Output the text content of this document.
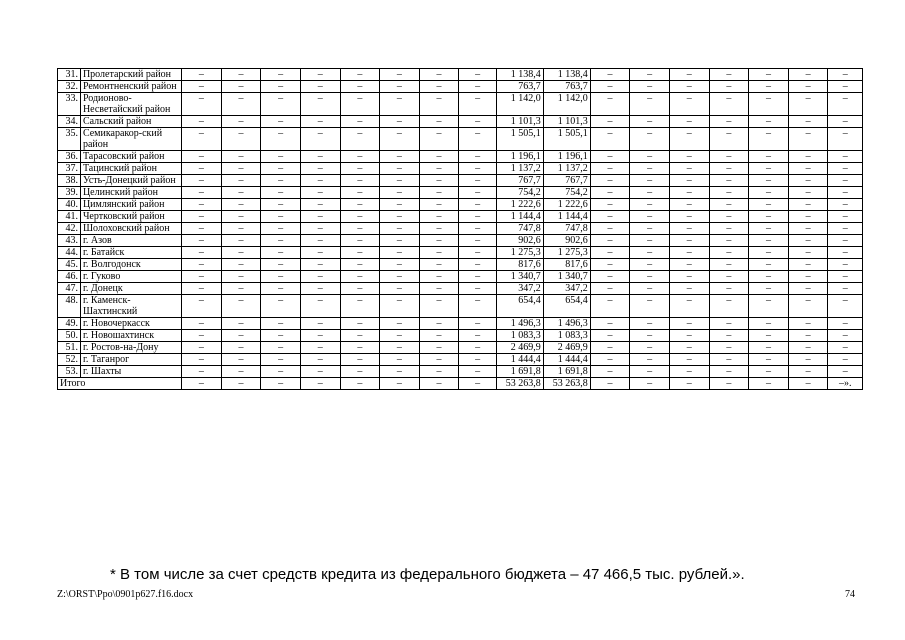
31.	Пролетарский район	–	–	–	–	–	–	–	–	1 138,4	1 138,4	–	–	–	–	–	–	–
32.	Ремонтненский район	–	–	–	–	–	–	–	–	763,7	763,7	–	–	–	–	–	–	–
33.	Родионово-Несветайский район	–	–	–	–	–	–	–	–	1 142,0	1 142,0	–	–	–	–	–	–	–
34.	Сальский район	–	–	–	–	–	–	–	–	1 101,3	1 101,3	–	–	–	–	–	–	–
35.	Семикаракор-ский район	–	–	–	–	–	–	–	–	1 505,1	1 505,1	–	–	–	–	–	–	–
36.	Тарасовский район	–	–	–	–	–	–	–	–	1 196,1	1 196,1	–	–	–	–	–	–	–
37.	Тацинский район	–	–	–	–	–	–	–	–	1 137,2	1 137,2	–	–	–	–	–	–	–
38.	Усть-Донецкий район	–	–	–	–	–	–	–	–	767,7	767,7	–	–	–	–	–	–	–
39.	Целинский район	–	–	–	–	–	–	–	–	754,2	754,2	–	–	–	–	–	–	–
40.	Цимлянский район	–	–	–	–	–	–	–	–	1 222,6	1 222,6	–	–	–	–	–	–	–
41.	Чертковский район	–	–	–	–	–	–	–	–	1 144,4	1 144,4	–	–	–	–	–	–	–
42.	Шолоховский район	–	–	–	–	–	–	–	–	747,8	747,8	–	–	–	–	–	–	–
43.	г. Азов	–	–	–	–	–	–	–	–	902,6	902,6	–	–	–	–	–	–	–
44.	г. Батайск	–	–	–	–	–	–	–	–	1 275,3	1 275,3	–	–	–	–	–	–	–
45.	г. Волгодонск	–	–	–	–	–	–	–	–	817,6	817,6	–	–	–	–	–	–	–
46.	г. Гуково	–	–	–	–	–	–	–	–	1 340,7	1 340,7	–	–	–	–	–	–	–
47.	г. Донецк	–	–	–	–	–	–	–	–	347,2	347,2	–	–	–	–	–	–	–
48.	г. Каменск-Шахтинский	–	–	–	–	–	–	–	–	654,4	654,4	–	–	–	–	–	–	–
49.	г. Новочеркасск	–	–	–	–	–	–	–	–	1 496,3	1 496,3	–	–	–	–	–	–	–
50.	г. Новошахтинск	–	–	–	–	–	–	–	–	1 083,3	1 083,3	–	–	–	–	–	–	–
51.	г. Ростов-на-Дону	–	–	–	–	–	–	–	–	2 469,9	2 469,9	–	–	–	–	–	–	–
52.	г. Таганрог	–	–	–	–	–	–	–	–	1 444,4	1 444,4	–	–	–	–	–	–	–
53.	г. Шахты	–	–	–	–	–	–	–	–	1 691,8	1 691,8	–	–	–	–	–	–	–
Итого		–	–	–	–	–	–	–	–	53 263,8	53 263,8	–	–	–	–	–	–	–».
* В том числе за счет средств кредита из федерального бюджета – 47 466,5 тыс. рублей.».
Z:\ORST\Ppo\0901p627.f16.docx	74
